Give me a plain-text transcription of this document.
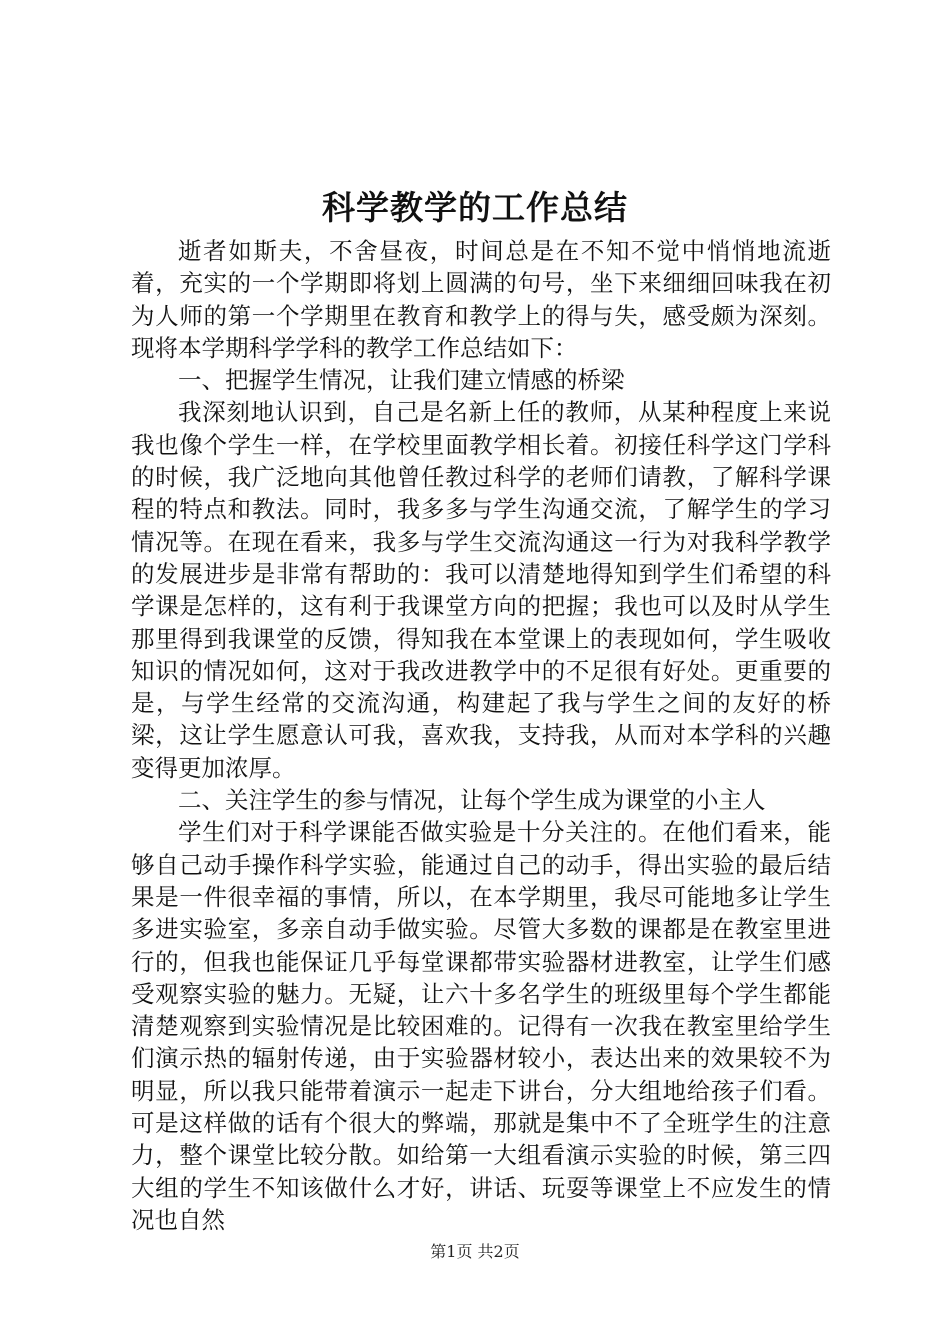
科学教学的工作总结

逝者如斯夫，不舍昼夜，时间总是在不知不觉中悄悄地流逝着，充实的一个学期即将划上圆满的句号，坐下来细细回味我在初为人师的第一个学期里在教育和教学上的得与失，感受颇为深刻。现将本学期科学学科的教学工作总结如下：

一、把握学生情况，让我们建立情感的桥梁

我深刻地认识到，自己是名新上任的教师，从某种程度上来说我也像个学生一样，在学校里面教学相长着。初接任科学这门学科的时候，我广泛地向其他曾任教过科学的老师们请教，了解科学课程的特点和教法。同时，我多多与学生沟通交流，了解学生的学习情况等。在现在看来，我多与学生交流沟通这一行为对我科学教学的发展进步是非常有帮助的：我可以清楚地得知到学生们希望的科学课是怎样的，这有利于我课堂方向的把握；我也可以及时从学生那里得到我课堂的反馈，得知我在本堂课上的表现如何，学生吸收知识的情况如何，这对于我改进教学中的不足很有好处。更重要的是，与学生经常的交流沟通，构建起了我与学生之间的友好的桥梁，这让学生愿意认可我，喜欢我，支持我，从而对本学科的兴趣变得更加浓厚。

二、关注学生的参与情况，让每个学生成为课堂的小主人

学生们对于科学课能否做实验是十分关注的。在他们看来，能够自己动手操作科学实验，能通过自己的动手，得出实验的最后结果是一件很幸福的事情，所以，在本学期里，我尽可能地多让学生多进实验室，多亲自动手做实验。尽管大多数的课都是在教室里进行的，但我也能保证几乎每堂课都带实验器材进教室，让学生们感受观察实验的魅力。无疑，让六十多名学生的班级里每个学生都能清楚观察到实验情况是比较困难的。记得有一次我在教室里给学生们演示热的辐射传递，由于实验器材较小，表达出来的效果较不为明显，所以我只能带着演示一起走下讲台，分大组地给孩子们看。可是这样做的话有个很大的弊端，那就是集中不了全班学生的注意力，整个课堂比较分散。如给第一大组看演示实验的时候，第三四大组的学生不知该做什么才好，讲话、玩耍等课堂上不应发生的情况也自然

第1页 共2页
